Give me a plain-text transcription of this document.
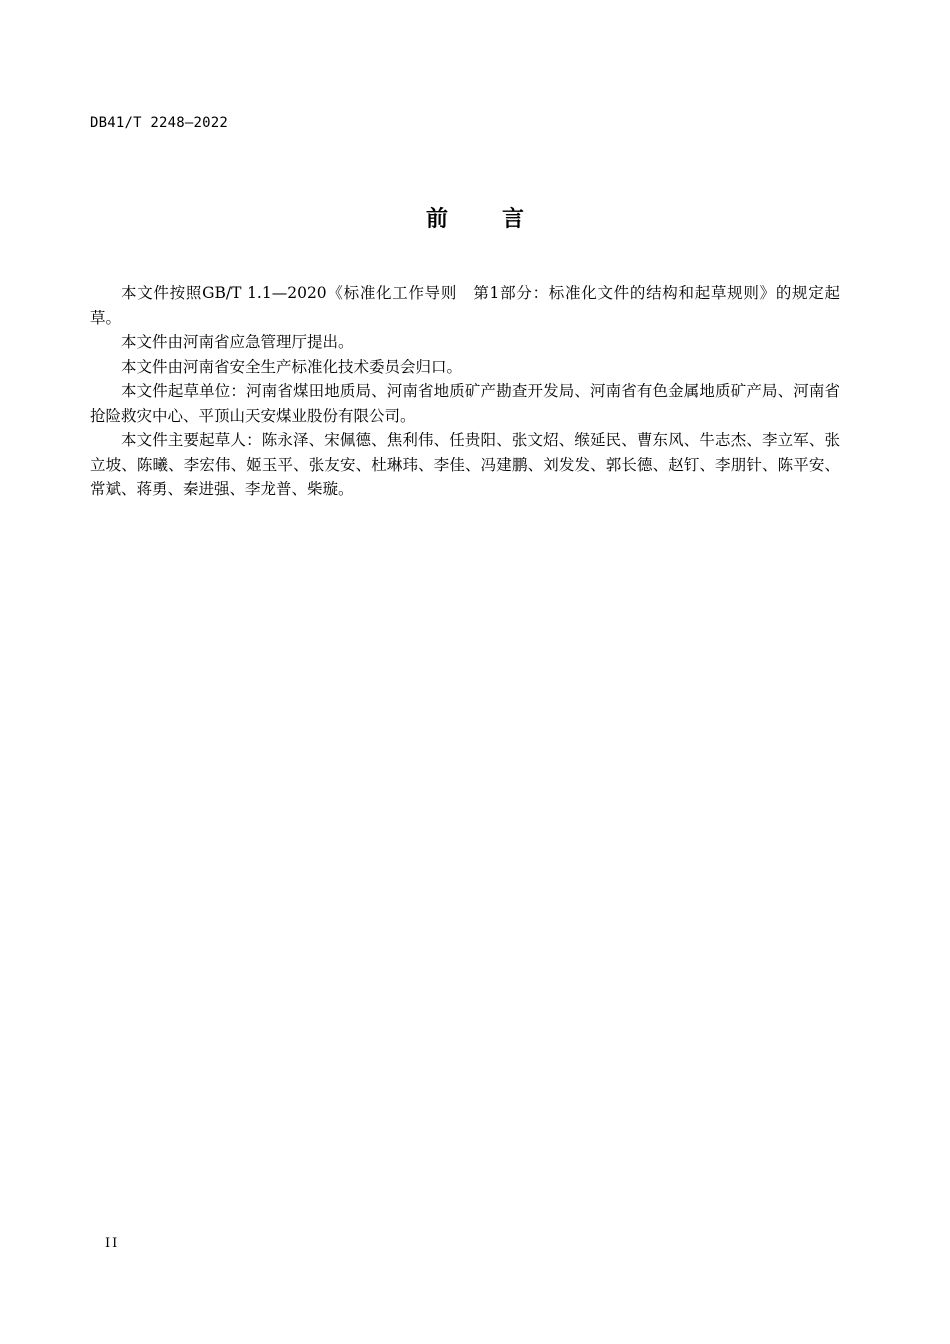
DB41/T 2248—2022
前 言

本文件按照GB/T 1.1—2020《标准化工作导则　第1部分：标准化文件的结构和起草规则》的规定起草。

本文件由河南省应急管理厅提出。

本文件由河南省安全生产标准化技术委员会归口。

本文件起草单位：河南省煤田地质局、河南省地质矿产勘查开发局、河南省有色金属地质矿产局、河南省抢险救灾中心、平顶山天安煤业股份有限公司。

本文件主要起草人：陈永泽、宋佩德、焦利伟、任贵阳、张文炤、缑延民、曹东风、牛志杰、李立军、张立坡、陈曦、李宏伟、姬玉平、张友安、杜琳玮、李佳、冯建鹏、刘发发、郭长德、赵钉、李朋针、陈平安、常斌、蒋勇、秦进强、李龙普、柴璇。

II
